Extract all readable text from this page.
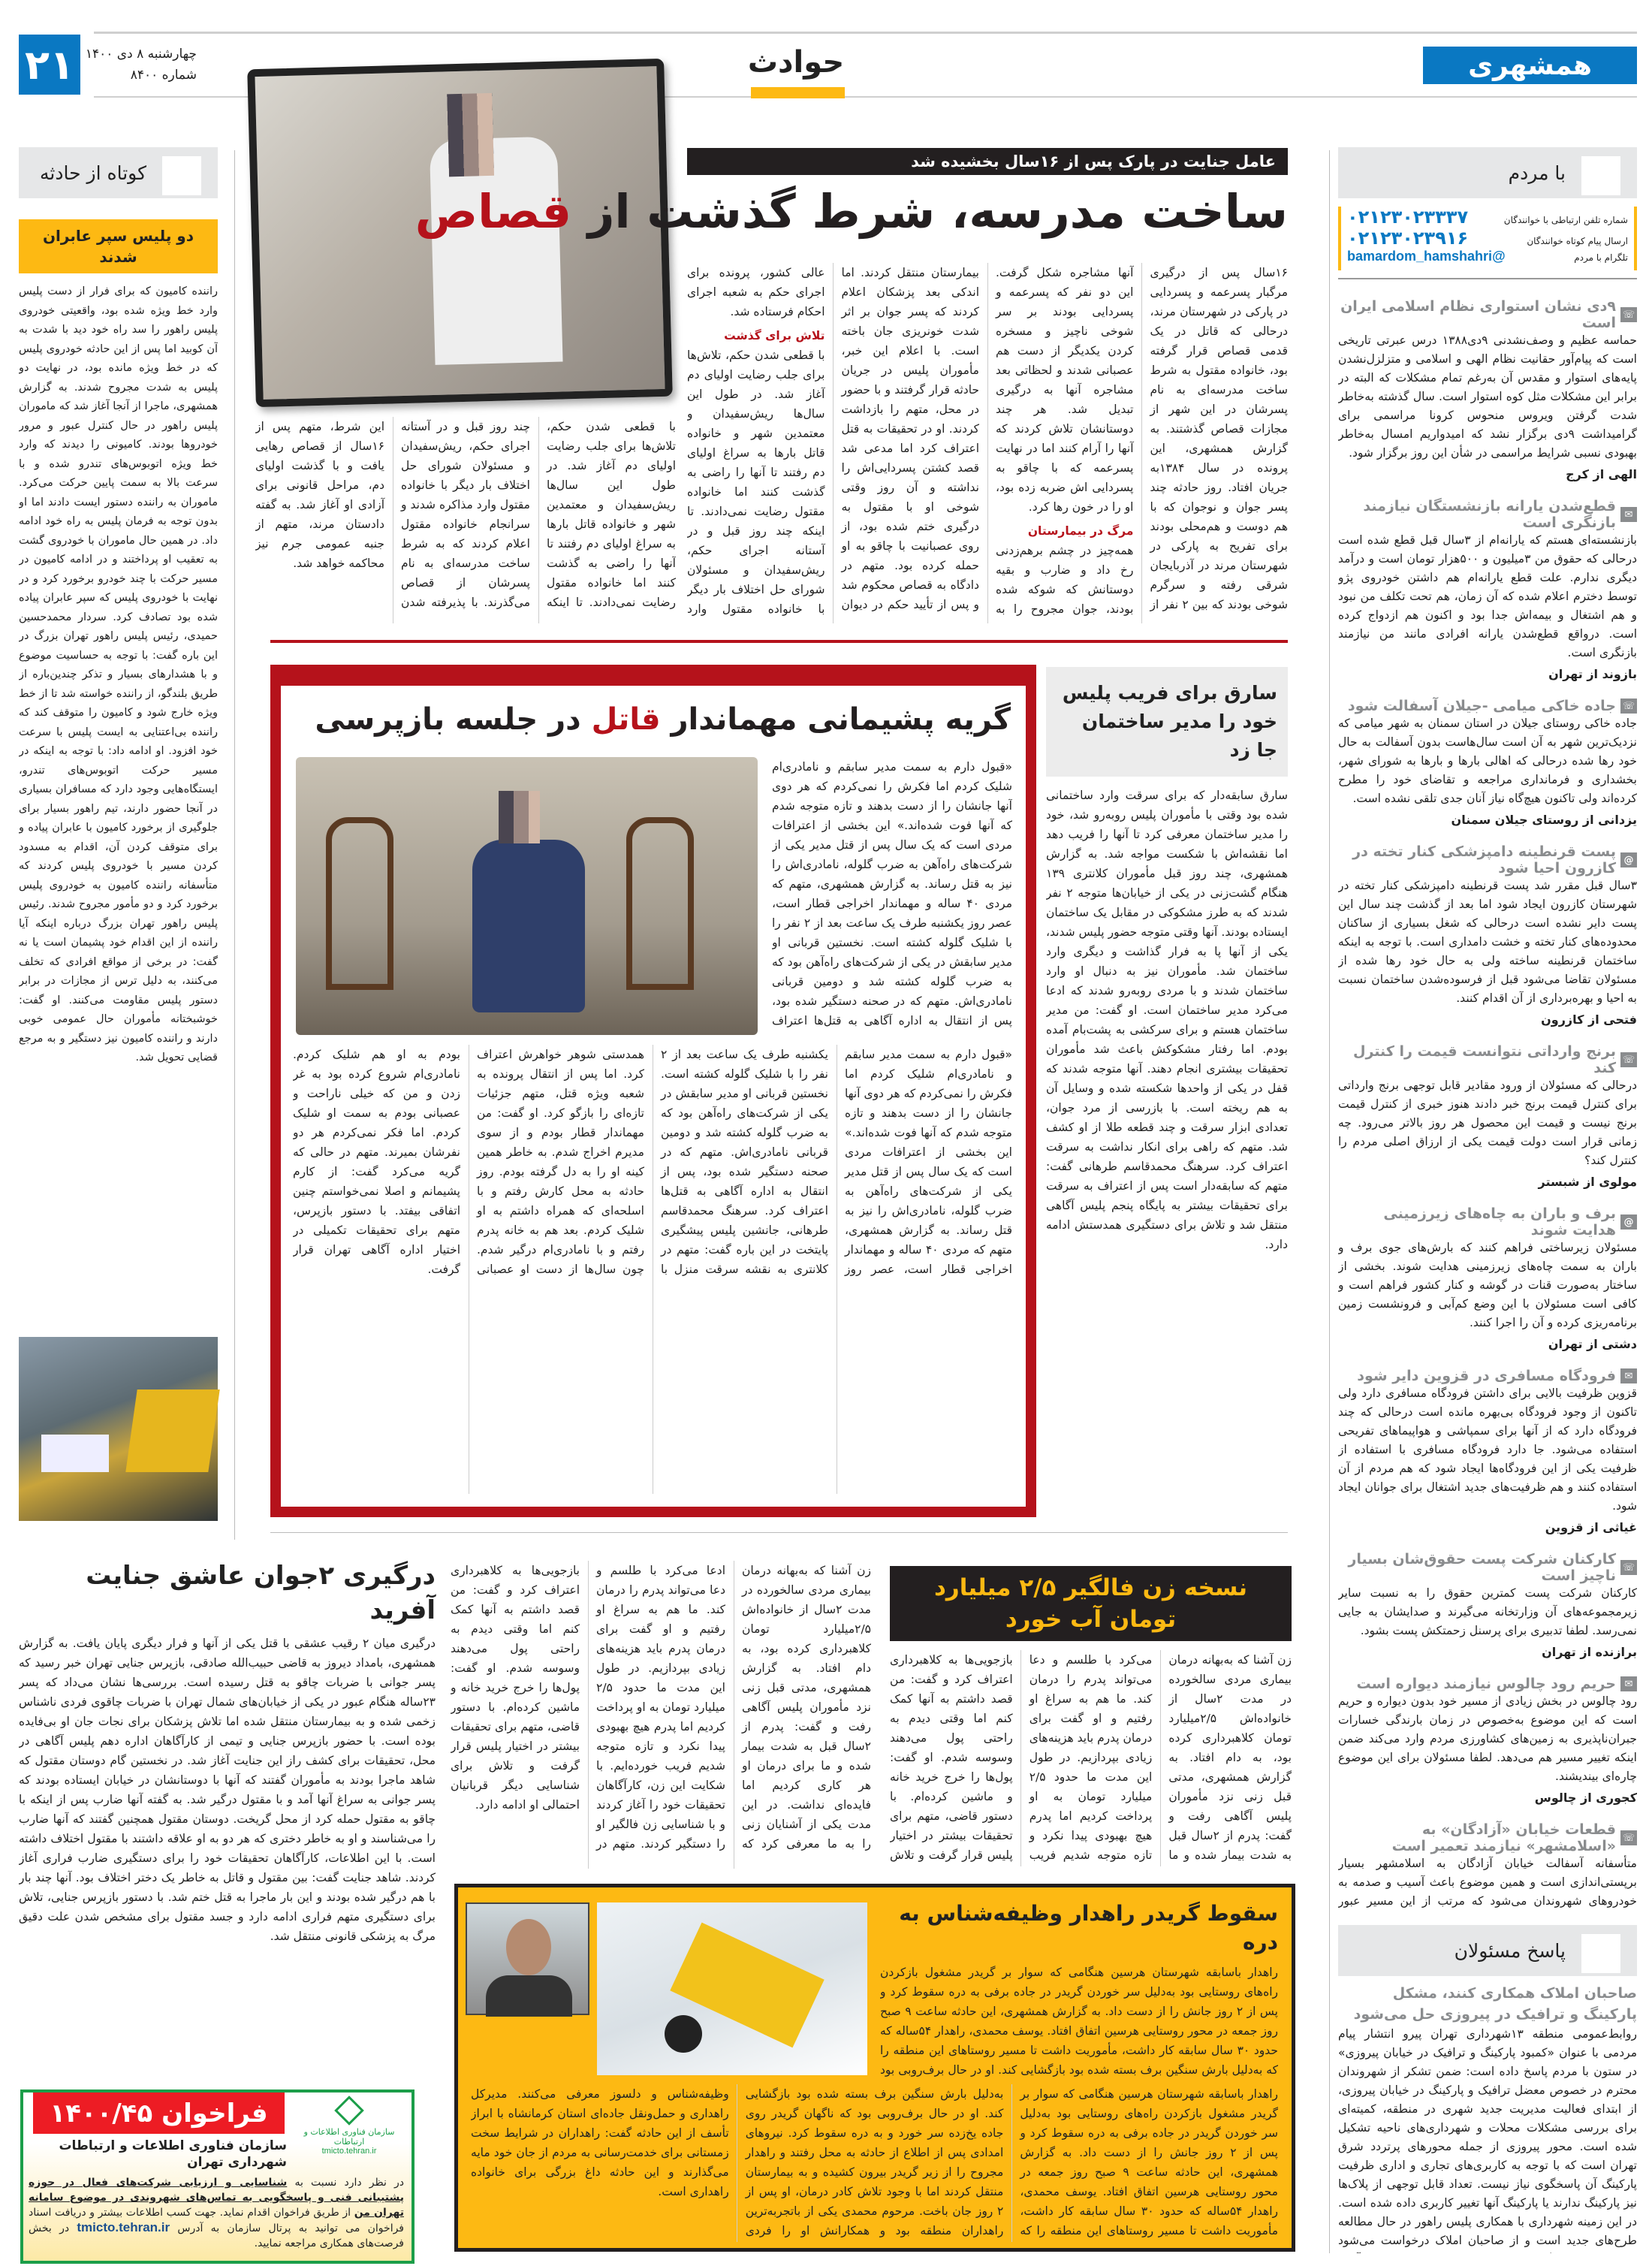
همشهری
۲۱ چهارشنبه ۸ دی ۱۴۰۰
شماره ۸۴۰۰	حوادث
با مردم
شماره تلفن ارتباطی با خوانندگان
۰۲۱۲۳۰۲۳۳۳۷
ارسال پیام کوتاه خوانندگان
۰۲۱۲۳۰۲۳۹۱۶
تلگرام با مردم
@bamardom_hamshahri
☏
۹دی نشان استواری نظام اسلامی ایران است
حماسه عظیم و وصف‌نشدنی ۹دی۱۳۸۸ درس عبرتی تاریخی است که پیام‌آور حقانیت نظام الهی و اسلامی و متزلزل‌نشدن پایه‌های استوار و مقدس آن به‌رغم تمام مشکلات که البته در برابر این مشکلات مثل کوه استوار است. سال گذشته به‌خاطر شدت گرفتن ویروس منحوس کرونا مراسمی برای گرامیداشت ۹دی برگزار نشد که امیدواریم امسال به‌خاطر بهبودی نسبی شرایط مراسمی در شأن این روز برگزار شود.
الهی از کرج
✉
قطع‌شدن یارانه بازنشستگان نیازمند بازنگری است
بازنشسته‌ای هستم که یارانه‌ام از ۳سال قبل قطع شده است درحالی که حقوق من ۳میلیون و ۵۰۰هزار تومان است و درآمد دیگری ندارم. علت قطع یارانه‌ام هم داشتن خودروی پژو توسط دخترم اعلام شده که آن زمان، هم تحت تکلف من نبود و هم اشتغال و بیمه‌اش جدا بود و اکنون هم ازدواج کرده است. درواقع قطع‌شدن یارانه افرادی مانند من نیازمند بازنگری است.
بازوند از تهران
☏
جاده خاکی میامی -جیلان آسفالت شود
جاده خاکی روستای جیلان در استان سمنان به شهر میامی که نزدیک‌ترین شهر به آن است سال‌هاست بدون آسفالت به حال خود رها شده درحالی که اهالی بارها و بارها به شورای شهر، بخشداری و فرمانداری مراجعه و تقاضای خود را مطرح کرده‌اند ولی تاکنون هیچ‌گاه نیاز آنان جدی تلقی نشده است.
یزدانی از روستای جیلان سمنان
@
پست قرنطینه دامپزشکی کنار تخته در کازرون احیا شود
۳سال قبل مقرر شد پست قرنطینه دامپزشکی کنار تخته در شهرستان کازرون ایجاد شود اما بعد از گذشت چند سال این پست دایر نشده است درحالی که شغل بسیاری از ساکنان محدوده‌های کنار تخته و خشت دامداری است. با توجه به اینکه ساختمان قرنطینه ساخته ولی به حال خود رها شده از مسئولان تقاضا می‌شود قبل از فرسوده‌شدن ساختمان نسبت به احیا و بهره‌برداری از آن اقدام کنند.
فتحی از کازرون
☏
برنج وارداتی نتوانست قیمت را کنترل کند
درحالی که مسئولان از ورود مقادیر قابل توجهی برنج وارداتی برای کنترل قیمت برنج خبر دادند هنوز خبری از کنترل قیمت برنج نیست و قیمت این محصول هر روز بالاتر می‌رود. چه زمانی قرار است دولت قیمت یکی از ارزاق اصلی مردم را کنترل کند؟
مولوی از شبستر
@
برف و باران به چاه‌های زیرزمینی هدایت شوند
مسئولان زیرساختی فراهم کنند که بارش‌های جوی برف و باران به سمت چاه‌های زیرزمینی هدایت شوند. بخشی از ساختار به‌صورت قنات در گوشه و کنار کشور فراهم است و کافی است مسئولان با این وضع کم‌آبی و فرونشست زمین برنامه‌ریزی کرده و آن را اجرا کنند.
دشتی از تهران
✉
فرودگاه مسافری در قزوین دایر شود
قزوین ظرفیت بالایی برای داشتن فرودگاه مسافری دارد ولی تاکنون از وجود فرودگاه بی‌بهره مانده است درحالی که چند فرودگاه دارد که از آنها برای سمپاشی و هواپیماهای تفریحی استفاده می‌شود. جا دارد فرودگاه مسافری با استفاده از ظرفیت یکی از این فرودگاه‌ها ایجاد شود که هم مردم از آن استفاده کنند و هم ظرفیت‌های جدید اشتغال برای جوانان ایجاد شود.
غیاثی از قزوین
☏
کارکنان شرکت پست حقوق‌شان بسیار ناچیز است
کارکنان شرکت پست کمترین حقوق را به نسبت سایر زیرمجموعه‌های آن وزارتخانه می‌گیرند و صدایشان به جایی نمی‌رسد. لطفا تدبیری برای پرسنل زحمتکش پست بشود.
برازنده از تهران
✉
حریم رود چالوس نیازمند دیواره است
رود چالوس در بخش زیادی از مسیر خود بدون دیواره و حریم است که این موضوع به‌خصوص در زمان بارندگی خسارات جبران‌ناپذیری به زمین‌های کشاورزی مردم وارد می‌کند ضمن اینکه تغییر مسیر هم می‌دهد. لطفا مسئولان برای این موضوع چاره‌ای بیندیشند.
کجوری از چالوس
☏
قطعات خیابان «آزادگان» به «اسلامشهر» نیازمند تعمیر است
متأسفانه آسفالت خیابان آزادگان به اسلامشهر بسیار برپستی‌اندازی است و همین موضوع باعث آسیب و صدمه به خودروهای شهروندان می‌شود که مرتب از این مسیر عبور
پاسخ مسئولان
صاحبان املاک همکاری کنند، مشکل پارکینگ و ترافیک در پیروزی حل می‌شود
روابط‌عمومی منطقه ۱۳شهرداری تهران پیرو انتشار پیام مردمی با عنوان «کمبود پارکینگ و ترافیک در خیابان پیروزی» در ستون با مردم پاسخ داده است: ضمن تشکر از شهروندان محترم در خصوص معضل ترافیک و پارکینگ در خیابان پیروزی، از ابتدای فعالیت مدیریت جدید شهری در منطقه، کمیته‌ای برای بررسی مشکلات محلات و شهرداری‌های ناحیه تشکیل شده است. محور پیروزی از جمله محورهای پرتردد شرق تهران است که با توجه به کاربری‌های تجاری و اداری ظرفیت پارکینگ آن پاسخگوی نیاز نیست. تعداد قابل توجهی از پلاک‌ها نیز پارکینگ ندارند یا پارکینگ آنها تغییر کاربری داده شده است. در این زمینه شهرداری با همکاری پلیس راهور در حال مطالعه طرح‌های جدید است و از صاحبان املاک درخواست می‌شود
کوتاه از حادثه
دو پلیس سپر عابران شدند
راننده کامیون که برای فرار از دست پلیس وارد خط ویژه شده بود، واقعیتی خودروی پلیس راهور را سد راه خود دید با شدت به آن کوبید اما پس از این حادثه خودروی پلیس که در خط ویژه مانده بود، در نهایت دو پلیس به شدت مجروح شدند. به گزارش همشهری، ماجرا از آنجا آغاز شد که ماموران پلیس راهور در حال کنترل عبور و مرور خودروها بودند. کامیونی را دیدند که وارد خط ویژه اتوبوس‌های تندرو شده و با سرعت بالا به سمت پایین حرکت می‌کرد. ماموران به راننده دستور ایست دادند اما او بدون توجه به فرمان پلیس به راه خود ادامه داد. در همین حال ماموران با خودروی گشت به تعقیب او پرداختند و در ادامه کامیون در مسیر حرکت با چند خودرو برخورد کرد و در نهایت با خودروی پلیس که سپر عابران پیاده شده بود تصادف کرد. سردار محمدحسین حمیدی، رئیس پلیس راهور تهران بزرگ در این باره گفت: با توجه به حساسیت موضوع و با هشدارهای بسیار و تذکر چندین‌باره از طریق بلندگو، از راننده خواسته شد تا از خط ویژه خارج شود و کامیون را متوقف کند که راننده بی‌اعتنایی به ایست پلیس با سرعت خود افزود. او ادامه داد: با توجه به اینکه در مسیر حرکت اتوبوس‌های تندرو، ایستگاه‌هایی وجود دارد که مسافران بسیاری در آنجا حضور دارند، تیم راهور بسیار برای جلوگیری از برخورد کامیون با عابران پیاده و برای متوقف کردن آن، اقدام به مسدود کردن مسیر با خودروی پلیس کردند که متأسفانه راننده کامیون به خودروی پلیس برخورد کرد و دو مأمور مجروح شدند. رئیس پلیس راهور تهران بزرگ درباره اینکه آیا راننده از این اقدام خود پشیمان است یا نه گفت: در برخی از مواقع افرادی که تخلف می‌کنند، به دلیل ترس از مجازات در برابر دستور پلیس مقاومت می‌کنند. او گفت: خوشبختانه مأموران حال عمومی خوبی دارند و راننده کامیون نیز دستگیر و به مرجع قضایی تحویل شد.
عامل جنایت در پارک پس از ۱۶سال بخشیده شد
ساخت مدرسه، شرط گذشت از قصاص

۱۶سال پس از درگیری مرگبار پسرعمه و پسردایی در پارکی در شهرستان مرند، درحالی که قاتل در یک قدمی قصاص قرار گرفته بود، خانواده مقتول به شرط ساخت مدرسه‌ای به نام پسرشان در این شهر از مجازات قصاص گذشتند. به گزارش همشهری، این پرونده در سال ۱۳۸۴به جریان افتاد. روز حادثه چند پسر جوان و نوجوان که با هم دوست و هم‌محلی بودند برای تفریح به پارکی در شهرستان مرند در آذربایجان شرقی رفته و سرگرم شوخی بودند که بین ۲ نفر از آنها مشاجره شکل گرفت. این دو نفر که پسرعمه و پسردایی بودند بر سر شوخی ناچیز و مسخره کردن یکدیگر از دست هم عصبانی شدند و لحظاتی بعد مشاجره آنها به درگیری تبدیل شد. هر چند دوستانشان تلاش کردند که آنها را آرام کنند اما در نهایت پسرعمه که با چاقو به پسردایی اش ضربه زده بود، او را در خون رها کرد.

مرگ در بیمارستان

همه‌چیز در چشم برهم‌زدنی رخ داد و ضارب و بقیه دوستانش که شوکه شده بودند، جوان مجروح را به بیمارستان منتقل کردند. اما اندکی بعد پزشکان اعلام کردند که پسر جوان بر اثر شدت خونریزی جان باخته است. با اعلام این خبر، مأموران پلیس در جریان حادثه قرار گرفتند و با حضور در محل، متهم را بازداشت کردند. او در تحقیقات به قتل اعتراف کرد اما مدعی شد قصد کشتن پسردایی‌اش را نداشته و آن روز وقتی شوخی او با مقتول به درگیری ختم شده بود، از روی عصبانیت با چاقو به او حمله کرده بود. متهم در دادگاه به قصاص محکوم شد و پس از تأیید حکم در دیوان عالی کشور، پرونده برای اجرای حکم به شعبه اجرای احکام فرستاده شد.

تلاش برای گذشت

با قطعی شدن حکم، تلاش‌ها برای جلب رضایت اولیای دم آغاز شد. در طول این سال‌ها ریش‌سفیدان و معتمدین شهر و خانواده قاتل بارها به سراغ اولیای دم رفتند تا آنها را راضی به گذشت کنند اما خانواده مقتول رضایت نمی‌دادند. تا اینکه چند روز قبل و در آستانه اجرای حکم، ریش‌سفیدان و مسئولان شورای حل اختلاف بار دیگر با خانواده مقتول وارد

با قطعی شدن حکم، تلاش‌ها برای جلب رضایت اولیای دم آغاز شد. در طول این سال‌ها ریش‌سفیدان و معتمدین شهر و خانواده قاتل بارها به سراغ اولیای دم رفتند تا آنها را راضی به گذشت کنند اما خانواده مقتول رضایت نمی‌دادند. تا اینکه چند روز قبل و در آستانه اجرای حکم، ریش‌سفیدان و مسئولان شورای حل اختلاف بار دیگر با خانواده مقتول وارد مذاکره شدند و سرانجام خانواده مقتول اعلام کردند که به شرط ساخت مدرسه‌ای به نام پسرشان از قصاص می‌گذرند. با پذیرفته شدن این شرط، متهم پس از ۱۶سال از قصاص رهایی یافت و با گذشت اولیای دم، مراحل قانونی برای آزادی او آغاز شد. به گفته دادستان مرند، متهم از جنبه عمومی جرم نیز محاکمه خواهد شد.

گریه پشیمانی مهماندار قاتل در جلسه بازپرسی
«قبول دارم به سمت مدیر سابقم و نامادری‌ام شلیک کردم اما فکرش را نمی‌کردم که هر دوی آنها جانشان را از دست بدهند و تازه متوجه شدم که آنها فوت شده‌اند.» این بخشی از اعترافات مردی است که یک سال پس از قتل مدیر یکی از شرکت‌های راه‌آهن به ضرب گلوله، نامادری‌اش را نیز به قتل رساند. به گزارش همشهری، متهم که مردی ۴۰ ساله و مهماندار اخراجی قطار است، عصر روز یکشنبه طرف یک ساعت بعد از ۲ نفر را با شلیک گلوله کشته است. نخستین قربانی او مدیر سابقش در یکی از شرکت‌های راه‌آهن بود که به ضرب گلوله کشته شد و دومین قربانی نامادری‌اش. متهم که در صحنه دستگیر شده بود، پس از انتقال به اداره آگاهی به قتل‌ها اعتراف
«قبول دارم به سمت مدیر سابقم و نامادری‌ام شلیک کردم اما فکرش را نمی‌کردم که هر دوی آنها جانشان را از دست بدهند و تازه متوجه شدم که آنها فوت شده‌اند.» این بخشی از اعترافات مردی است که یک سال پس از قتل مدیر یکی از شرکت‌های راه‌آهن به ضرب گلوله، نامادری‌اش را نیز به قتل رساند. به گزارش همشهری، متهم که مردی ۴۰ ساله و مهماندار اخراجی قطار است، عصر روز یکشنبه طرف یک ساعت بعد از ۲ نفر را با شلیک گلوله کشته است. نخستین قربانی او مدیر سابقش در یکی از شرکت‌های راه‌آهن بود که به ضرب گلوله کشته شد و دومین قربانی نامادری‌اش. متهم که در صحنه دستگیر شده بود، پس از انتقال به اداره آگاهی به قتل‌ها اعتراف کرد. سرهنگ محمدقاسم طرهانی، جانشین پلیس پیشگیری پایتخت در این باره گفت: متهم در کلانتری به نقشه سرقت منزل با همدستی شوهر خواهرش اعتراف کرد. اما پس از انتقال پرونده به شعبه ویژه قتل، متهم جزئیات تازه‌ای را بازگو کرد. او گفت: من مهماندار قطار بودم و از سوی مدیرم اخراج شدم. به خاطر همین کینه او را به دل گرفته بودم. روز حادثه به محل کارش رفتم و با اسلحه‌ای که همراه داشتم به او شلیک کردم. بعد هم به خانه پدرم رفتم و با نامادری‌ام درگیر شدم. چون سال‌ها از دست او عصبانی بودم به او هم شلیک کردم. نامادری‌ام شروع کرده بود به غر زدن و من که خیلی ناراحت و عصبانی بودم به سمت او شلیک کردم. اما فکر نمی‌کردم هر دو نفرشان بمیرند. متهم در حالی که گریه می‌کرد گفت: از کارم پشیمانم و اصلا نمی‌خواستم چنین اتفاقی بیفتد. با دستور بازپرس، متهم برای تحقیقات تکمیلی در اختیار اداره آگاهی تهران قرار گرفت.
سارق برای فریب پلیس خود را مدیر ساختمان جا زد
سارق سابقه‌دار که برای سرقت وارد ساختمانی شده بود وقتی با مأموران پلیس روبه‌رو شد، خود را مدیر ساختمان معرفی کرد تا آنها را فریب دهد اما نقشه‌اش با شکست مواجه شد. به گزارش همشهری، چند روز قبل مأموران کلانتری ۱۳۹ هنگام گشت‌زنی در یکی از خیابان‌ها متوجه ۲ نفر شدند که به طرز مشکوکی در مقابل یک ساختمان ایستاده بودند. آنها وقتی متوجه حضور پلیس شدند، یکی از آنها پا به فرار گذاشت و دیگری وارد ساختمان شد. مأموران نیز به دنبال او وارد ساختمان شدند و با مردی روبه‌رو شدند که ادعا می‌کرد مدیر ساختمان است. او گفت: من مدیر ساختمان هستم و برای سرکشی به پشت‌بام آمده بودم. اما رفتار مشکوکش باعث شد مأموران تحقیقات بیشتری انجام دهند. آنها متوجه شدند که قفل در یکی از واحدها شکسته شده و وسایل آن به هم ریخته است. با بازرسی از مرد جوان، تعدادی ابزار سرقت و چند قطعه طلا از او کشف شد. متهم که راهی برای انکار نداشت به سرقت اعتراف کرد. سرهنگ محمدقاسم طرهانی گفت: متهم که سابقه‌دار است پس از اعتراف به سرقت برای تحقیقات بیشتر به پایگاه پنجم پلیس آگاهی منتقل شد و تلاش برای دستگیری همدستش ادامه دارد.
درگیری ۲جوان عاشق جنایت آفرید
درگیری میان ۲ رقیب عشقی با قتل یکی از آنها و فرار دیگری پایان یافت. به گزارش همشهری، بامداد دیروز به قاضی حبیب‌الله صادقی، بازپرس جنایی تهران خبر رسید که پسر جوانی با ضربات چاقو به قتل رسیده است. بررسی‌ها نشان می‌داد که پسر ۲۳ساله هنگام عبور در یکی از خیابان‌های شمال تهران با ضربات چاقوی فردی ناشناس زخمی شده و به بیمارستان منتقل شده اما تلاش پزشکان برای نجات جان او بی‌فایده بوده است. با حضور بازپرس جنایی و تیمی از کارآگاهان اداره دهم پلیس آگاهی در محل، تحقیقات برای کشف راز این جنایت آغاز شد. در نخستین گام دوستان مقتول که شاهد ماجرا بودند به مأموران گفتند که آنها با دوستانشان در خیابان ایستاده بودند که پسر جوانی به سراغ آنها آمد و با مقتول درگیر شد. به گفته آنها ضارب پس از اینکه با چاقو به مقتول حمله کرد از محل گریخت. دوستان مقتول همچنین گفتند که آنها ضارب را می‌شناسند و او به خاطر دختری که هر دو به او علاقه داشتند با مقتول اختلاف داشته است. با این اطلاعات، کارآگاهان تحقیقات خود را برای دستگیری ضارب فراری آغاز کردند. شاهد جنایت گفت: بین مقتول و قاتل به خاطر یک دختر اختلاف بود. آنها چند بار با هم درگیر شده بودند و این بار ماجرا به قتل ختم شد. با دستور بازپرس جنایی، تلاش برای دستگیری متهم فراری ادامه دارد و جسد مقتول برای مشخص شدن علت دقیق مرگ به پزشکی قانونی منتقل شد.
زن آشنا که به‌بهانه درمان بیماری مردی سالخورده در مدت ۲سال از خانواده‌اش ۲/۵میلیارد تومان کلاهبرداری کرده بود، به دام افتاد. به گزارش همشهری، مدتی قبل زنی نزد مأموران پلیس آگاهی رفت و گفت: پدرم از ۲سال قبل به شدت بیمار شده و ما برای درمان او هر کاری کردیم اما فایده‌ای نداشت. در این مدت یکی از آشنایان زنی را به ما معرفی کرد که ادعا می‌کرد با طلسم و دعا می‌تواند پدرم را درمان کند. ما هم به سراغ او رفتیم و او گفت برای درمان پدرم باید هزینه‌های زیادی بپردازیم. در طول این مدت ما حدود ۲/۵ میلیارد تومان به او پرداخت کردیم اما پدرم هیچ بهبودی پیدا نکرد و تازه متوجه شدیم فریب خورده‌ایم. با شکایت این زن، کارآگاهان تحقیقات خود را آغاز کردند و با شناسایی زن فالگیر او را دستگیر کردند. متهم در بازجویی‌ها به کلاهبرداری اعتراف کرد و گفت: من قصد داشتم به آنها کمک کنم اما وقتی دیدم به راحتی پول می‌دهند وسوسه شدم. او گفت: پول‌ها را خرج خرید خانه و ماشین کرده‌ام. با دستور قاضی، متهم برای تحقیقات بیشتر در اختیار پلیس قرار گرفت و تلاش برای شناسایی دیگر قربانیان احتمالی او ادامه دارد.
نسخه زن فالگیر ۲/۵ میلیارد تومان آب خورد
زن آشنا که به‌بهانه درمان بیماری مردی سالخورده در مدت ۲سال از خانواده‌اش ۲/۵میلیارد تومان کلاهبرداری کرده بود، به دام افتاد. به گزارش همشهری، مدتی قبل زنی نزد مأموران پلیس آگاهی رفت و گفت: پدرم از ۲سال قبل به شدت بیمار شده و ما می‌کرد با طلسم و دعا می‌تواند پدرم را درمان کند. ما هم به سراغ او رفتیم و او گفت برای درمان پدرم باید هزینه‌های زیادی بپردازیم. در طول این مدت ما حدود ۲/۵ میلیارد تومان به او پرداخت کردیم اما پدرم هیچ بهبودی پیدا نکرد و تازه متوجه شدیم فریب بازجویی‌ها به کلاهبرداری اعتراف کرد و گفت: من قصد داشتم به آنها کمک کنم اما وقتی دیدم به راحتی پول می‌دهند وسوسه شدم. او گفت: پول‌ها را خرج خرید خانه و ماشین کرده‌ام. با دستور قاضی، متهم برای تحقیقات بیشتر در اختیار پلیس قرار گرفت و تلاش
سقوط گریدر راهدار وظیفه‌شناس به دره
راهدار باسابقه شهرستان هرسین هنگامی که سوار بر گریدر مشغول بازکردن راه‌های روستایی بود به‌دلیل سر خوردن گریدر در جاده برفی به دره سقوط کرد و پس از ۲ روز جانش را از دست داد. به گزارش همشهری، این حادثه ساعت ۹ صبح روز جمعه در محور روستایی هرسین اتفاق افتاد. یوسف محمدی، راهدار ۵۴ساله که حدود ۳۰ سال سابقه کار داشت، مأموریت داشت تا مسیر روستاهای این منطقه را که به‌دلیل بارش سنگین برف بسته شده بود بازگشایی کند. او در حال برف‌روبی بود
راهدار باسابقه شهرستان هرسین هنگامی که سوار بر گریدر مشغول بازکردن راه‌های روستایی بود به‌دلیل سر خوردن گریدر در جاده برفی به دره سقوط کرد و پس از ۲ روز جانش را از دست داد. به گزارش همشهری، این حادثه ساعت ۹ صبح روز جمعه در محور روستایی هرسین اتفاق افتاد. یوسف محمدی، راهدار ۵۴ساله که حدود ۳۰ سال سابقه کار داشت، مأموریت داشت تا مسیر روستاهای این منطقه را که به‌دلیل بارش سنگین برف بسته شده بود بازگشایی کند. او در حال برف‌روبی بود که ناگهان گریدر روی جاده یخ‌زده سر خورد و به دره سقوط کرد. نیروهای امدادی پس از اطلاع از حادثه به محل رفتند و راهدار مجروح را از زیر گریدر بیرون کشیده و به بیمارستان منتقل کردند اما با وجود تلاش کادر درمان، او پس از ۲ روز جان باخت. مرحوم محمدی یکی از باتجربه‌ترین راهداران منطقه بود و همکارانش او را فردی وظیفه‌شناس و دلسوز معرفی می‌کنند. مدیرکل راهداری و حمل‌ونقل جاده‌ای استان کرمانشاه با ابراز تأسف از این حادثه گفت: راهداران در شرایط سخت زمستانی برای خدمت‌رسانی به مردم از جان خود مایه می‌گذارند و این حادثه داغ بزرگی برای خانواده راهداری است.
فراخوان ۱۴۰۰/۴۵
سازمان فناوری اطلاعات و ارتباطات
tmicto.tehran.ir
سازمان فناوری اطلاعات و ارتباطات شهرداری تهران
در نظر دارد نسبت به شناسایی و ارزیابی شرکت‌های فعال در حوزه پشتیبانی فنی و پاسخگویی به تماس‌های شهروندی در موضوع سامانه تهران من از طریق فراخوان اقدام نماید. جهت کسب اطلاعات بیشتر و دریافت اسناد فراخوان می توانید به پرتال سازمان به آدرس tmicto.tehran.ir در بخش فرصت‌های همکاری مراجعه نمایید.
